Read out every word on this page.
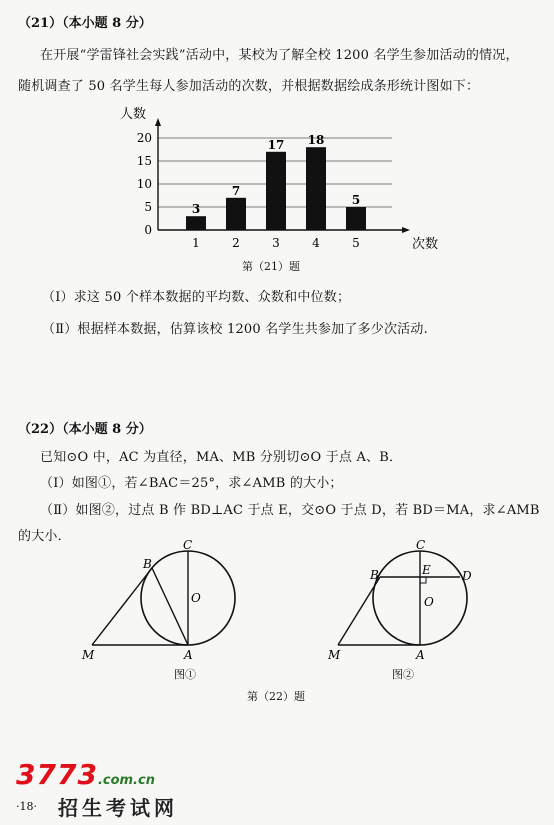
（21）（本小题 8 分）
在开展“学雷锋社会实践”活动中，某校为了解全校 1200 名学生参加活动的情况，
随机调查了 50 名学生每人参加活动的次数，并根据数据绘成条形统计图如下：
0
5
10
15
20
1	2	3	4	5
3
7
17 18
5
人数
次数
第（21）题
（Ⅰ）求这 50 个样本数据的平均数、众数和中位数；
（Ⅱ）根据样本数据，估算该校 1200 名学生共参加了多少次活动.
（22）（本小题 8 分）
已知⊙O 中，AC 为直径，MA、MB 分别切⊙O 于点 A、B．
（Ⅰ）如图①，若∠BAC＝25°，求∠AMB 的大小；
（Ⅱ）如图②，过点 B 作 BD⊥AC 于点 E，交⊙O 于点 D，若 BD＝MA，求∠AMB
的大小．
C
B
O
M	A
图①
C
B	E	D
O
M	A
图②
第（22）题
3773.com.cn
·18· 招生考试网
